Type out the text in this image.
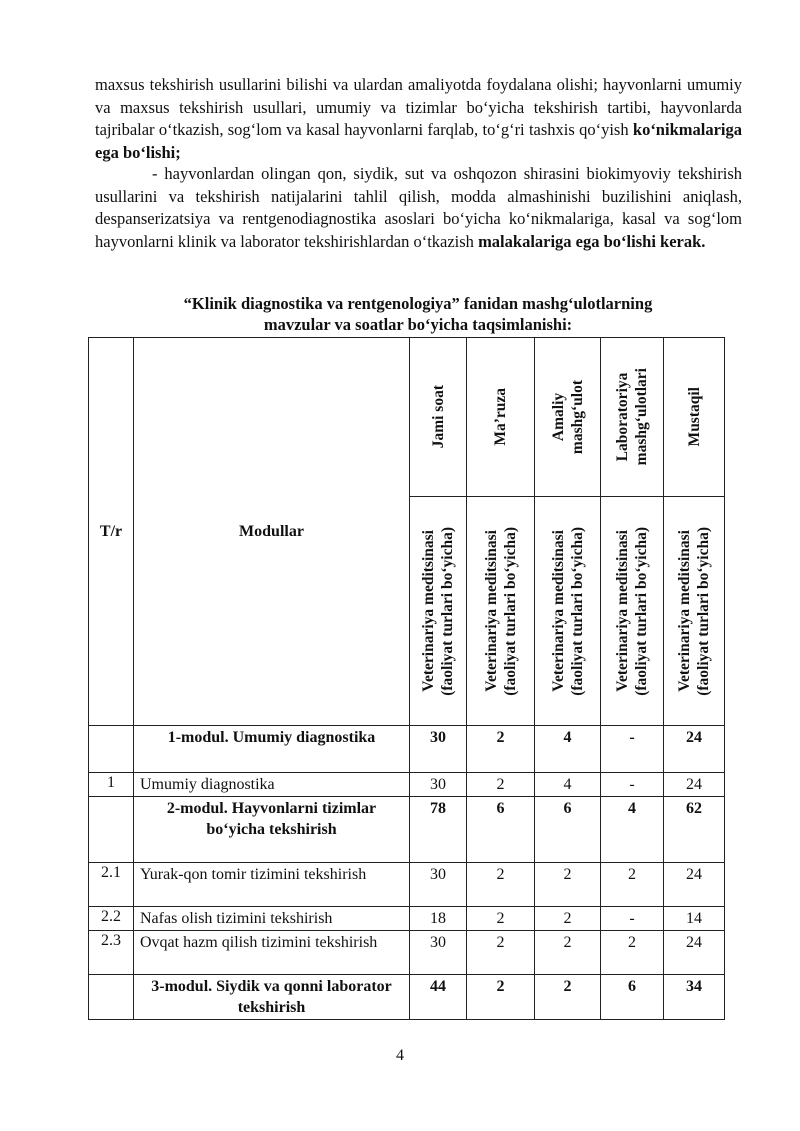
maxsus tekshirish usullarini bilishi va ulardan amaliyotda foydalana olishi; hayvonlarni umumiy va maxsus tekshirish usullari, umumiy va tizimlar bo‘yicha tekshirish tartibi, hayvonlarda tajribalar o‘tkazish, sog‘lom va kasal hayvonlarni farqlab, to‘g‘ri tashxis qo‘yish ko‘nikmalariga ega bo‘lishi;

- hayvonlardan olingan qon, siydik, sut va oshqozon shirasini biokimyoviy tekshirish usullarini va tekshirish natijalarini tahlil qilish, modda almashinishi buzilishini aniqlash, despanserizatsiya va rentgenodiagnostika asoslari bo‘yicha ko‘nikmalariga, kasal va sog‘lom hayvonlarni klinik va laborator tekshirishlardan o‘tkazish malakalariga ega bo‘lishi kerak.

“Klinik diagnostika va rentgenologiya” fanidan mashg‘ulotlarning
mavzular va soatlar bo‘yicha taqsimlanishi:
T/r	Modullar	Jami soat	Ma’ruza	Amaliy mashg‘ulot	Laboratoriya mashg‘ulotlari	Mustaqil

		Veterinariya meditsinasi (faoliyat turlari bo‘yicha)	Veterinariya meditsinasi (faoliyat turlari bo‘yicha)	Veterinariya meditsinasi (faoliyat turlari bo‘yicha)	Veterinariya meditsinasi (faoliyat turlari bo‘yicha)	Veterinariya meditsinasi (faoliyat turlari bo‘yicha)

	1-modul. Umumiy diagnostika	30	2	4	-	24
1	Umumiy diagnostika	30	2	4	-	24
	2-modul. Hayvonlarni tizimlar bo‘yicha tekshirish	78	6	6	4	62
2.1	Yurak-qon tomir tizimini tekshirish	30	2	2	2	24
2.2	Nafas olish tizimini tekshirish	18	2	2	-	14
2.3	Ovqat hazm qilish tizimini tekshirish	30	2	2	2	24
	3-modul. Siydik va qonni laborator tekshirish	44	2	2	6	34
4
